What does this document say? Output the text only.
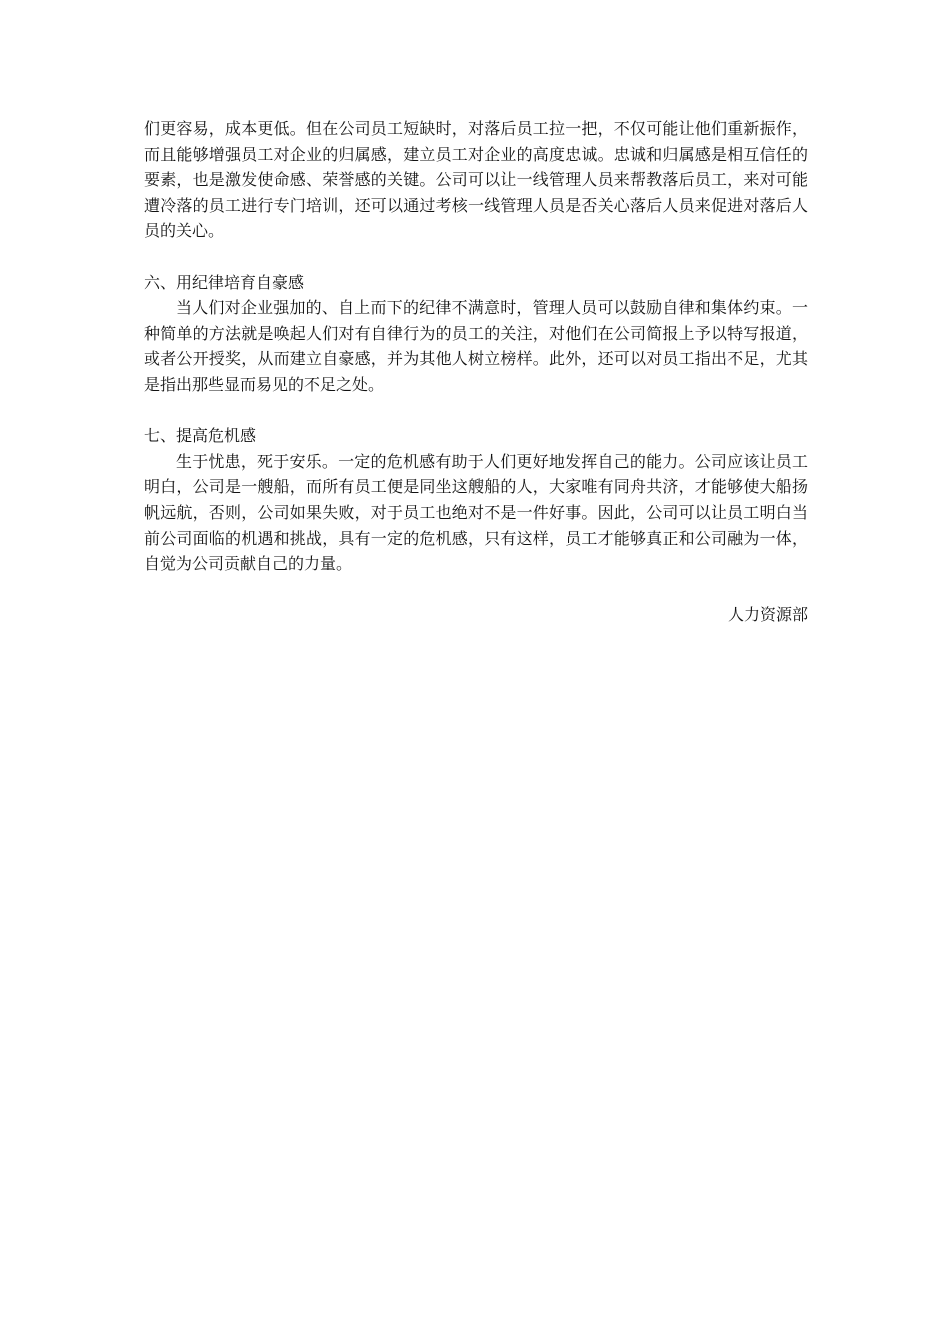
们更容易，成本更低。但在公司员工短缺时，对落后员工拉一把，不仅可能让他们重新振作，而且能够增强员工对企业的归属感，建立员工对企业的高度忠诚。忠诚和归属感是相互信任的要素，也是激发使命感、荣誉感的关键。公司可以让一线管理人员来帮教落后员工，来对可能遭冷落的员工进行专门培训，还可以通过考核一线管理人员是否关心落后人员来促进对落后人员的关心。

六、用纪律培育自豪感

当人们对企业强加的、自上而下的纪律不满意时，管理人员可以鼓励自律和集体约束。一种简单的方法就是唤起人们对有自律行为的员工的关注，对他们在公司简报上予以特写报道，或者公开授奖，从而建立自豪感，并为其他人树立榜样。此外，还可以对员工指出不足，尤其是指出那些显而易见的不足之处。

七、提高危机感

生于忧患，死于安乐。一定的危机感有助于人们更好地发挥自己的能力。公司应该让员工明白，公司是一艘船，而所有员工便是同坐这艘船的人，大家唯有同舟共济，才能够使大船扬帆远航，否则，公司如果失败，对于员工也绝对不是一件好事。因此，公司可以让员工明白当前公司面临的机遇和挑战，具有一定的危机感，只有这样，员工才能够真正和公司融为一体，自觉为公司贡献自己的力量。

人力资源部
